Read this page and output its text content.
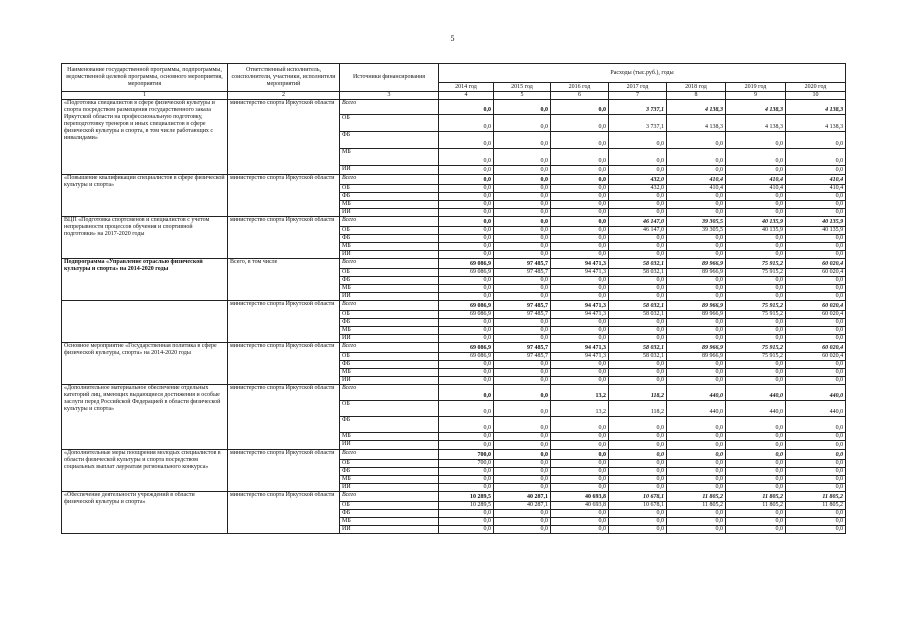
5
Наименование государственной программы, подпрограммы, ведомственной целевой программы, основного мероприятия, мероприятия	Ответственный исполнитель, соисполнители, участники, исполнители мероприятий	Источники финансирования	Расходы (тыс.руб.), годы						
			2014 год	2015 год	2016 год	2017 год	2018 год	2019 год	2020 год
1	2	3	4	5	6	7	8	9	10
«Подготовка специалистов в сфере физической культуры и спорта посредством размещения государственного заказа Иркутской области на профессиональную подготовку, переподготовку тренеров и иных специалистов в сфере физической культуры и спорта, в том числе работающих с инвалидами»	министерство спорта Иркутской области	Всего	0,0	0,0	0,0	3 737,1	4 138,3	4 138,3	4 138,3
		ОБ	0,0	0,0	0,0	3 737,1	4 138,3	4 138,3	4 138,3
		ФБ	0,0	0,0	0,0	0,0	0,0	0,0	0,0
		МБ	0,0	0,0	0,0	0,0	0,0	0,0	0,0
		ИИ	0,0	0,0	0,0	0,0	0,0	0,0	0,0
«Повышение квалификации специалистов в сфере физической культуры и спорта»	министерство спорта Иркутской области	Всего	0,0	0,0	0,0	432,0	410,4	410,4	410,4
		ОБ	0,0	0,0	0,0	432,0	410,4	410,4	410,4
		ФБ	0,0	0,0	0,0	0,0	0,0	0,0	0,0
		МБ	0,0	0,0	0,0	0,0	0,0	0,0	0,0
		ИИ	0,0	0,0	0,0	0,0	0,0	0,0	0,0
ВЦП «Подготовка спортсменов и специалистов с учетом непрерывности процессов обучения и спортивной подготовки» на 2017-2020 годы	министерство спорта Иркутской области	Всего	0,0	0,0	0,0	46 147,0	39 305,5	40 135,9	40 135,9
		ОБ	0,0	0,0	0,0	46 147,0	39 305,5	40 135,9	40 135,9
		ФБ	0,0	0,0	0,0	0,0	0,0	0,0	0,0
		МБ	0,0	0,0	0,0	0,0	0,0	0,0	0,0
		ИИ	0,0	0,0	0,0	0,0	0,0	0,0	0,0
Подпрограмма «Управление отраслью физической культуры и спорта» на 2014-2020 годы	Всего, в том числе	Всего	69 086,9	97 485,7	94 471,3	58 032,1	89 966,9	75 915,2	60 020,4
		ОБ	69 086,9	97 485,7	94 471,3	58 032,1	89 966,9	75 915,2	60 020,4
		ФБ	0,0	0,0	0,0	0,0	0,0	0,0	0,0
		МБ	0,0	0,0	0,0	0,0	0,0	0,0	0,0
		ИИ	0,0	0,0	0,0	0,0	0,0	0,0	0,0
	министерство спорта Иркутской области	Всего	69 086,9	97 485,7	94 471,3	58 032,1	89 966,9	75 915,2	60 020,4
		ОБ	69 086,9	97 485,7	94 471,3	58 032,1	89 966,9	75 915,2	60 020,4
		ФБ	0,0	0,0	0,0	0,0	0,0	0,0	0,0
		МБ	0,0	0,0	0,0	0,0	0,0	0,0	0,0
		ИИ	0,0	0,0	0,0	0,0	0,0	0,0	0,0
Основное мероприятие «Государственная политика в сфере физической культуры, спорта» на 2014-2020 годы	министерство спорта Иркутской области	Всего	69 086,9	97 485,7	94 471,3	58 032,1	89 966,9	75 915,2	60 020,4
		ОБ	69 086,9	97 485,7	94 471,3	58 032,1	89 966,9	75 915,2	60 020,4
		ФБ	0,0	0,0	0,0	0,0	0,0	0,0	0,0
		МБ	0,0	0,0	0,0	0,0	0,0	0,0	0,0
		ИИ	0,0	0,0	0,0	0,0	0,0	0,0	0,0
«Дополнительное материальное обеспечение отдельных категорий лиц, имеющих выдающиеся достижения и особые заслуги перед Российской Федерацией в области физической культуры и спорта»	министерство спорта Иркутской области	Всего	0,0	0,0	13,2	118,2	440,0	440,0	440,0
		ОБ	0,0	0,0	13,2	118,2	440,0	440,0	440,0
		ФБ	0,0	0,0	0,0	0,0	0,0	0,0	0,0
		МБ	0,0	0,0	0,0	0,0	0,0	0,0	0,0
		ИИ	0,0	0,0	0,0	0,0	0,0	0,0	0,0
«Дополнительные меры поощрения молодых специалистов в области физической культуры и спорта посредством социальных выплат лауреатам регионального конкурса»	министерство спорта Иркутской области	Всего	700,0	0,0	0,0	0,0	0,0	0,0	0,0
		ОБ	700,0	0,0	0,0	0,0	0,0	0,0	0,0
		ФБ	0,0	0,0	0,0	0,0	0,0	0,0	0,0
		МБ	0,0	0,0	0,0	0,0	0,0	0,0	0,0
		ИИ	0,0	0,0	0,0	0,0	0,0	0,0	0,0
«Обеспечение деятельности учреждений в области физической культуры и спорта»	министерство спорта Иркутской области	Всего	10 289,5	40 287,1	40 693,8	10 678,1	11 805,2	11 805,2	11 805,2
		ОБ	10 289,5	40 287,1	40 693,8	10 678,1	11 805,2	11 805,2	11 805,2
		ФБ	0,0	0,0	0,0	0,0	0,0	0,0	0,0
		МБ	0,0	0,0	0,0	0,0	0,0	0,0	0,0
		ИИ	0,0	0,0	0,0	0,0	0,0	0,0	0,0
